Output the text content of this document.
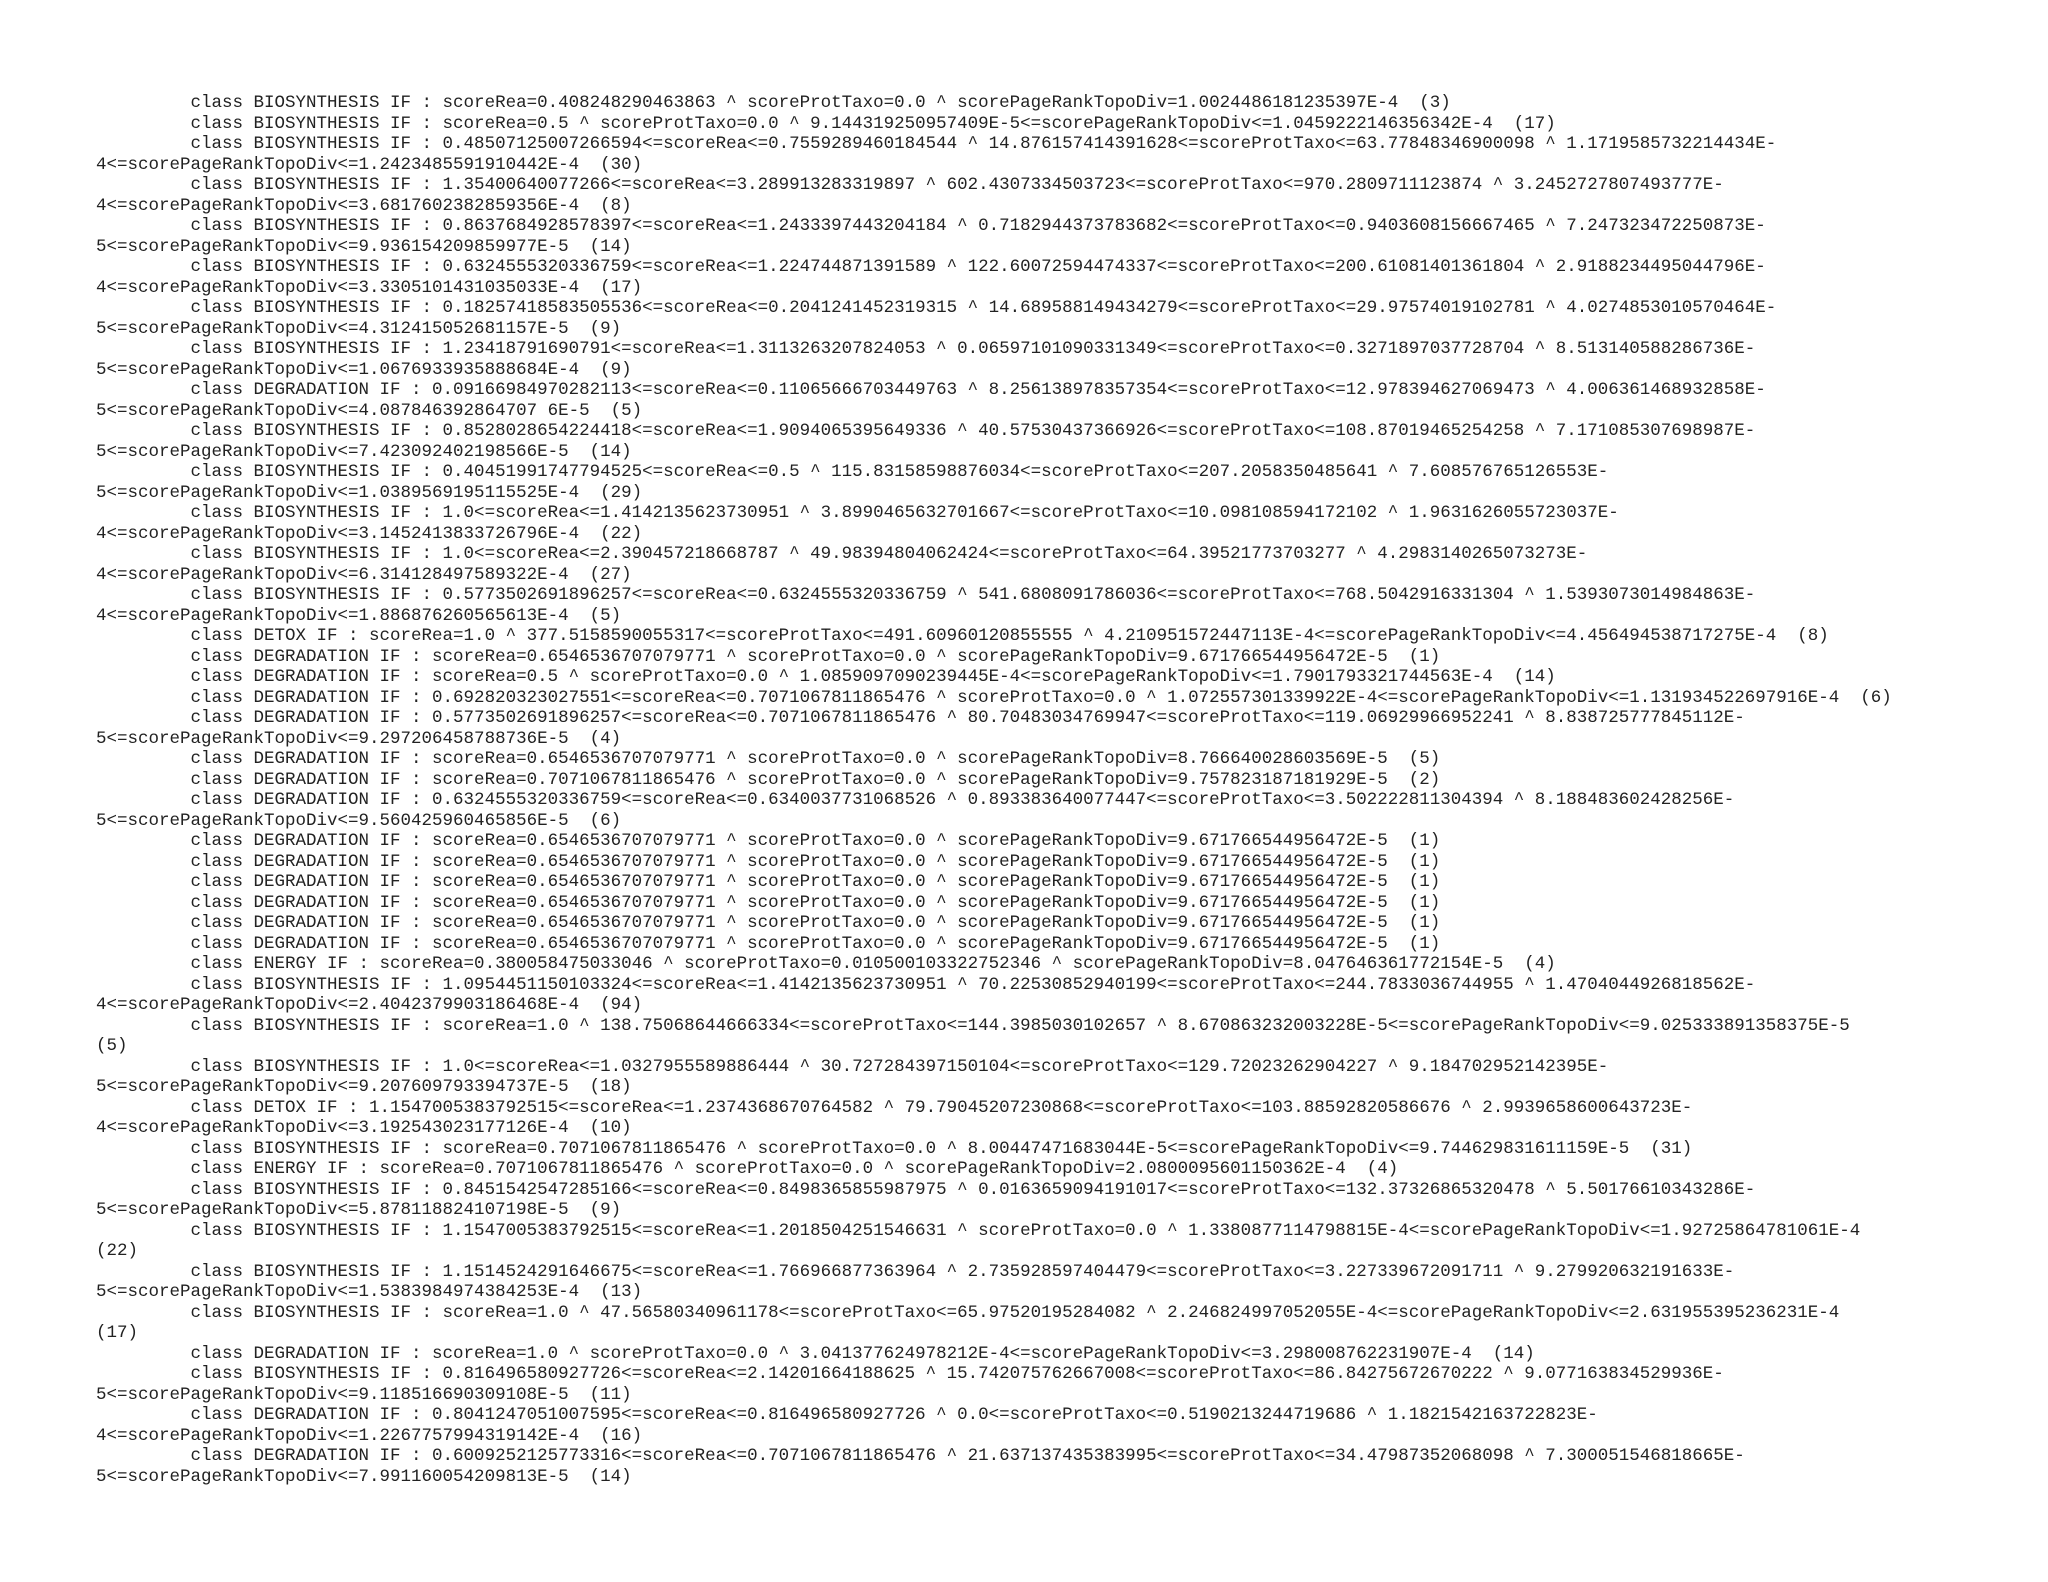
class BIOSYNTHESIS IF : scoreRea=0.408248290463863 ^ scoreProtTaxo=0.0 ^ scorePageRankTopoDiv=1.0024486181235397E-4  (3)
class BIOSYNTHESIS IF : scoreRea=0.5 ^ scoreProtTaxo=0.0 ^ 9.144319250957409E-5<=scorePageRankTopoDiv<=1.0459222146356342E-4  (17)
class BIOSYNTHESIS IF : 0.48507125007266594<=scoreRea<=0.7559289460184544 ^ 14.876157414391628<=scoreProtTaxo<=63.77848346900098 ^ 1.1719585732214434E-
4<=scorePageRankTopoDiv<=1.2423485591910442E-4  (30)
class BIOSYNTHESIS IF : 1.35400640077266<=scoreRea<=3.289913283319897 ^ 602.4307334503723<=scoreProtTaxo<=970.2809711123874 ^ 3.2452727807493777E-
4<=scorePageRankTopoDiv<=3.6817602382859356E-4  (8)
class BIOSYNTHESIS IF : 0.8637684928578397<=scoreRea<=1.2433397443204184 ^ 0.7182944373783682<=scoreProtTaxo<=0.9403608156667465 ^ 7.247323472250873E-
5<=scorePageRankTopoDiv<=9.936154209859977E-5  (14)
class BIOSYNTHESIS IF : 0.6324555320336759<=scoreRea<=1.224744871391589 ^ 122.60072594474337<=scoreProtTaxo<=200.61081401361804 ^ 2.9188234495044796E-
4<=scorePageRankTopoDiv<=3.3305101431035033E-4  (17)
class BIOSYNTHESIS IF : 0.18257418583505536<=scoreRea<=0.2041241452319315 ^ 14.689588149434279<=scoreProtTaxo<=29.97574019102781 ^ 4.0274853010570464E-
5<=scorePageRankTopoDiv<=4.312415052681157E-5  (9)
class BIOSYNTHESIS IF : 1.23418791690791<=scoreRea<=1.3113263207824053 ^ 0.06597101090331349<=scoreProtTaxo<=0.3271897037728704 ^ 8.513140588286736E-
5<=scorePageRankTopoDiv<=1.0676933935888684E-4  (9)
class DEGRADATION IF : 0.09166984970282113<=scoreRea<=0.11065666703449763 ^ 8.256138978357354<=scoreProtTaxo<=12.978394627069473 ^ 4.006361468932858E-
5<=scorePageRankTopoDiv<=4.087846392864707 6E-5  (5)
class BIOSYNTHESIS IF : 0.8528028654224418<=scoreRea<=1.9094065395649336 ^ 40.57530437366926<=scoreProtTaxo<=108.87019465254258 ^ 7.171085307698987E-
5<=scorePageRankTopoDiv<=7.423092402198566E-5  (14)
class BIOSYNTHESIS IF : 0.40451991747794525<=scoreRea<=0.5 ^ 115.83158598876034<=scoreProtTaxo<=207.2058350485641 ^ 7.608576765126553E-
5<=scorePageRankTopoDiv<=1.0389569195115525E-4  (29)
class BIOSYNTHESIS IF : 1.0<=scoreRea<=1.4142135623730951 ^ 3.8990465632701667<=scoreProtTaxo<=10.098108594172102 ^ 1.9631626055723037E-
4<=scorePageRankTopoDiv<=3.1452413833726796E-4  (22)
class BIOSYNTHESIS IF : 1.0<=scoreRea<=2.390457218668787 ^ 49.98394804062424<=scoreProtTaxo<=64.39521773703277 ^ 4.2983140265073273E-
4<=scorePageRankTopoDiv<=6.314128497589322E-4  (27)
class BIOSYNTHESIS IF : 0.5773502691896257<=scoreRea<=0.6324555320336759 ^ 541.6808091786036<=scoreProtTaxo<=768.5042916331304 ^ 1.5393073014984863E-
4<=scorePageRankTopoDiv<=1.886876260565613E-4  (5)
class DETOX IF : scoreRea=1.0 ^ 377.5158590055317<=scoreProtTaxo<=491.60960120855555 ^ 4.210951572447113E-4<=scorePageRankTopoDiv<=4.456494538717275E-4  (8)
class DEGRADATION IF : scoreRea=0.6546536707079771 ^ scoreProtTaxo=0.0 ^ scorePageRankTopoDiv=9.671766544956472E-5  (1)
class DEGRADATION IF : scoreRea=0.5 ^ scoreProtTaxo=0.0 ^ 1.0859097090239445E-4<=scorePageRankTopoDiv<=1.7901793321744563E-4  (14)
class DEGRADATION IF : 0.692820323027551<=scoreRea<=0.7071067811865476 ^ scoreProtTaxo=0.0 ^ 1.072557301339922E-4<=scorePageRankTopoDiv<=1.131934522697916E-4  (6)
class DEGRADATION IF : 0.5773502691896257<=scoreRea<=0.7071067811865476 ^ 80.70483034769947<=scoreProtTaxo<=119.06929966952241 ^ 8.838725777845112E-
5<=scorePageRankTopoDiv<=9.297206458788736E-5  (4)
class DEGRADATION IF : scoreRea=0.6546536707079771 ^ scoreProtTaxo=0.0 ^ scorePageRankTopoDiv=8.766640028603569E-5  (5)
class DEGRADATION IF : scoreRea=0.7071067811865476 ^ scoreProtTaxo=0.0 ^ scorePageRankTopoDiv=9.757823187181929E-5  (2)
class DEGRADATION IF : 0.6324555320336759<=scoreRea<=0.6340037731068526 ^ 0.893383640077447<=scoreProtTaxo<=3.502222811304394 ^ 8.188483602428256E-
5<=scorePageRankTopoDiv<=9.560425960465856E-5  (6)
class DEGRADATION IF : scoreRea=0.6546536707079771 ^ scoreProtTaxo=0.0 ^ scorePageRankTopoDiv=9.671766544956472E-5  (1)
class DEGRADATION IF : scoreRea=0.6546536707079771 ^ scoreProtTaxo=0.0 ^ scorePageRankTopoDiv=9.671766544956472E-5  (1)
class DEGRADATION IF : scoreRea=0.6546536707079771 ^ scoreProtTaxo=0.0 ^ scorePageRankTopoDiv=9.671766544956472E-5  (1)
class DEGRADATION IF : scoreRea=0.6546536707079771 ^ scoreProtTaxo=0.0 ^ scorePageRankTopoDiv=9.671766544956472E-5  (1)
class DEGRADATION IF : scoreRea=0.6546536707079771 ^ scoreProtTaxo=0.0 ^ scorePageRankTopoDiv=9.671766544956472E-5  (1)
class DEGRADATION IF : scoreRea=0.6546536707079771 ^ scoreProtTaxo=0.0 ^ scorePageRankTopoDiv=9.671766544956472E-5  (1)
class ENERGY IF : scoreRea=0.380058475033046 ^ scoreProtTaxo=0.010500103322752346 ^ scorePageRankTopoDiv=8.047646361772154E-5  (4)
class BIOSYNTHESIS IF : 1.0954451150103324<=scoreRea<=1.4142135623730951 ^ 70.22530852940199<=scoreProtTaxo<=244.7833036744955 ^ 1.4704044926818562E-
4<=scorePageRankTopoDiv<=2.4042379903186468E-4  (94)
class BIOSYNTHESIS IF : scoreRea=1.0 ^ 138.75068644666334<=scoreProtTaxo<=144.3985030102657 ^ 8.670863232003228E-5<=scorePageRankTopoDiv<=9.025333891358375E-5
(5)
class BIOSYNTHESIS IF : 1.0<=scoreRea<=1.0327955589886444 ^ 30.727284397150104<=scoreProtTaxo<=129.72023262904227 ^ 9.184702952142395E-
5<=scorePageRankTopoDiv<=9.207609793394737E-5  (18)
class DETOX IF : 1.1547005383792515<=scoreRea<=1.2374368670764582 ^ 79.79045207230868<=scoreProtTaxo<=103.88592820586676 ^ 2.9939658600643723E-
4<=scorePageRankTopoDiv<=3.192543023177126E-4  (10)
class BIOSYNTHESIS IF : scoreRea=0.7071067811865476 ^ scoreProtTaxo=0.0 ^ 8.00447471683044E-5<=scorePageRankTopoDiv<=9.744629831611159E-5  (31)
class ENERGY IF : scoreRea=0.7071067811865476 ^ scoreProtTaxo=0.0 ^ scorePageRankTopoDiv=2.0800095601150362E-4  (4)
class BIOSYNTHESIS IF : 0.8451542547285166<=scoreRea<=0.8498365855987975 ^ 0.0163659094191017<=scoreProtTaxo<=132.37326865320478 ^ 5.50176610343286E-
5<=scorePageRankTopoDiv<=5.878118824107198E-5  (9)
class BIOSYNTHESIS IF : 1.1547005383792515<=scoreRea<=1.2018504251546631 ^ scoreProtTaxo=0.0 ^ 1.3380877114798815E-4<=scorePageRankTopoDiv<=1.92725864781061E-4
(22)
class BIOSYNTHESIS IF : 1.1514524291646675<=scoreRea<=1.766966877363964 ^ 2.735928597404479<=scoreProtTaxo<=3.227339672091711 ^ 9.279920632191633E-
5<=scorePageRankTopoDiv<=1.5383984974384253E-4  (13)
class BIOSYNTHESIS IF : scoreRea=1.0 ^ 47.56580340961178<=scoreProtTaxo<=65.97520195284082 ^ 2.246824997052055E-4<=scorePageRankTopoDiv<=2.631955395236231E-4
(17)
class DEGRADATION IF : scoreRea=1.0 ^ scoreProtTaxo=0.0 ^ 3.041377624978212E-4<=scorePageRankTopoDiv<=3.298008762231907E-4  (14)
class BIOSYNTHESIS IF : 0.816496580927726<=scoreRea<=2.14201664188625 ^ 15.742075762667008<=scoreProtTaxo<=86.84275672670222 ^ 9.077163834529936E-
5<=scorePageRankTopoDiv<=9.118516690309108E-5  (11)
class DEGRADATION IF : 0.8041247051007595<=scoreRea<=0.816496580927726 ^ 0.0<=scoreProtTaxo<=0.5190213244719686 ^ 1.1821542163722823E-
4<=scorePageRankTopoDiv<=1.2267757994319142E-4  (16)
class DEGRADATION IF : 0.6009252125773316<=scoreRea<=0.7071067811865476 ^ 21.637137435383995<=scoreProtTaxo<=34.47987352068098 ^ 7.300051546818665E-
5<=scorePageRankTopoDiv<=7.991160054209813E-5  (14)
